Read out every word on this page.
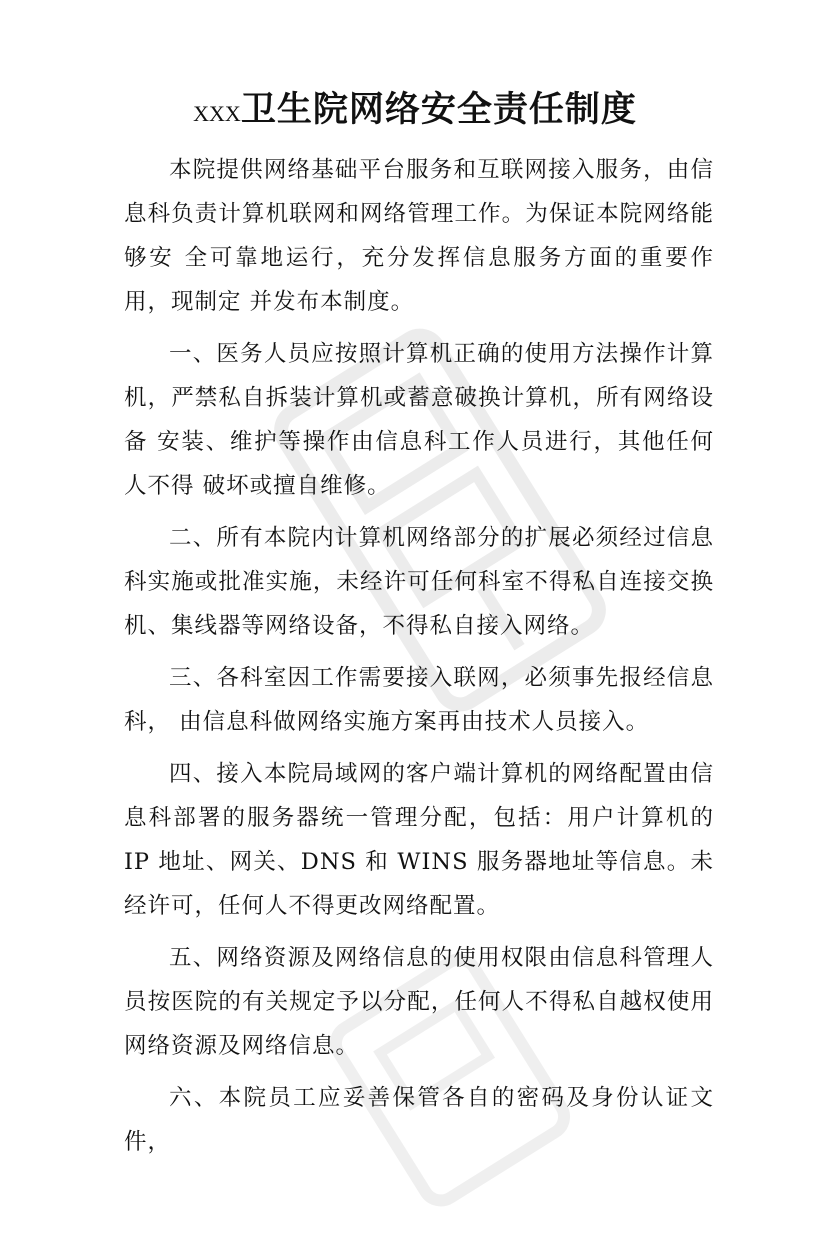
XXX卫生院网络安全责任制度

本院提供网络基础平台服务和互联网接入服务，由信息科负责计算机联网和网络管理工作。为保证本院网络能够安 全可靠地运行，充分发挥信息服务方面的重要作用，现制定 并发布本制度。

一、医务人员应按照计算机正确的使用方法操作计算机，严禁私自拆装计算机或蓄意破换计算机，所有网络设备 安装、维护等操作由信息科工作人员进行，其他任何人不得 破坏或擅自维修。

二、所有本院内计算机网络部分的扩展必须经过信息科实施或批准实施，未经许可任何科室不得私自连接交换机、集线器等网络设备，不得私自接入网络。

三、各科室因工作需要接入联网，必须事先报经信息科， 由信息科做网络实施方案再由技术人员接入。

四、接入本院局域网的客户端计算机的网络配置由信息科部署的服务器统一管理分配，包括：用户计算机的 IP 地址、网关、DNS 和 WINS 服务器地址等信息。未经许可，任何人不得更改网络配置。

五、网络资源及网络信息的使用权限由信息科管理人员按医院的有关规定予以分配，任何人不得私自越权使用网络资源及网络信息。

六、本院员工应妥善保管各自的密码及身份认证文件，
